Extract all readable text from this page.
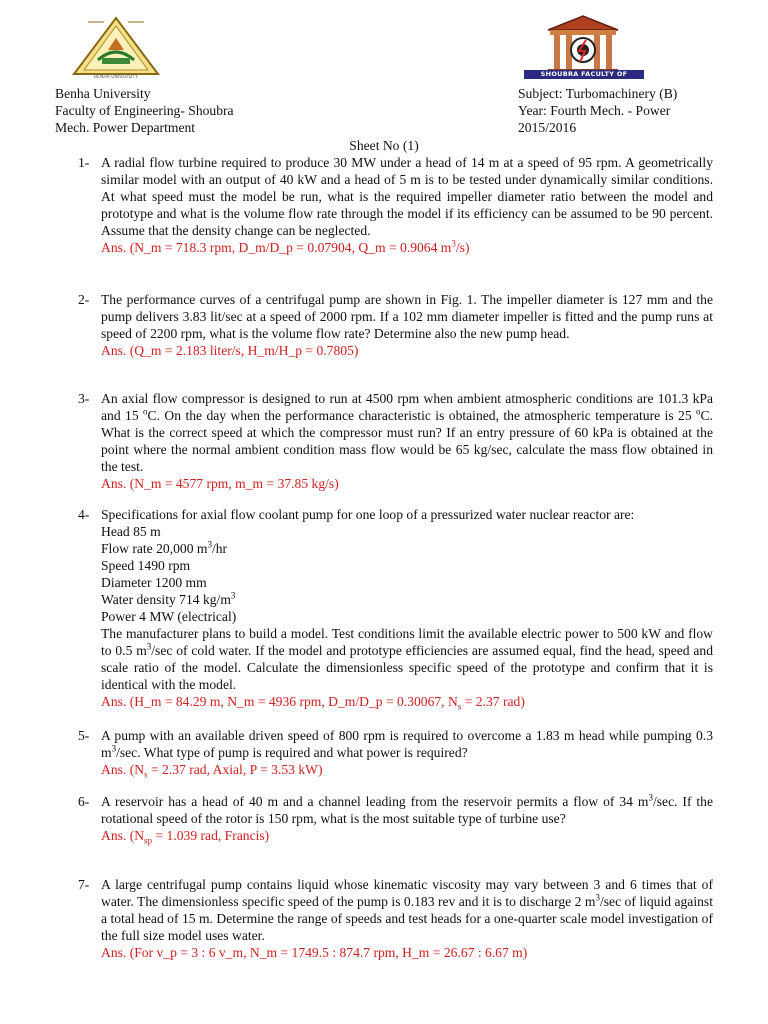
BENHA UNIVERSITY	SHOUBRA FACULTY OF ENGINEERING
Benha University
Faculty of Engineering- Shoubra
Mech. Power Department
Subject: Turbomachinery (B)
Year: Fourth Mech. - Power
2015/2016
Sheet No (1)
1- A radial flow turbine required to produce 30 MW under a head of 14 m at a speed of 95 rpm. A geometrically similar model with an output of 40 kW and a head of 5 m is to be tested under dynamically similar conditions. At what speed must the model be run, what is the required impeller diameter ratio between the model and prototype and what is the volume flow rate through the model if its efficiency can be assumed to be 90 percent. Assume that the density change can be neglected.

Ans. (N_m = 718.3 rpm, D_m/D_p = 0.07904, Q_m = 0.9064 $m^3/s$)

2- The performance curves of a centrifugal pump are shown in Fig. 1. The impeller diameter is 127 mm and the pump delivers 3.83 lit/sec at a speed of 2000 rpm. If a 102 mm diameter impeller is fitted and the pump runs at speed of 2200 rpm, what is the volume flow rate? Determine also the new pump head.

Ans. (Q_m = 2.183 liter/s, H_m/H_p = 0.7805)

3- An axial flow compressor is designed to run at 4500 rpm when ambient atmospheric conditions are 101.3 kPa and 15 $^o$C. On the day when the performance characteristic is obtained, the atmospheric temperature is 25 $^o$C. What is the correct speed at which the compressor must run? If an entry pressure of 60 kPa is obtained at the point where the normal ambient condition mass flow would be 65 kg/sec, calculate the mass flow obtained in the test.

Ans. (N_m = 4577 rpm, m_m = 37.85 kg/s)

4- Specifications for axial flow coolant pump for one loop of a pressurized water nuclear reactor are:

Head 85 m

Flow rate 20,000 $m^3/hr$

Speed 1490 rpm

Diameter 1200 mm

Water density 714 $kg/m^3$

Power 4 MW (electrical)

The manufacturer plans to build a model. Test conditions limit the available electric power to 500 kW and flow to 0.5 $m^3/\sec$ of cold water. If the model and prototype efficiencies are assumed equal, find the head, speed and scale ratio of the model. Calculate the dimensionless specific speed of the prototype and confirm that it is identical with the model.

Ans. (H_m = 84.29 m, N_m = 4936 rpm, D_m/D_p = 0.30067, $N_s = 2.37$ rad)

5- A pump with an available driven speed of 800 rpm is required to overcome a 1.83 m head while pumping 0.3 $m^3/\sec$. What type of pump is required and what power is required?

Ans. ($N_s = 2.37$ rad, Axial, P = 3.53 kW)

6- A reservoir has a head of 40 m and a channel leading from the reservoir permits a flow of 34 $m^3/\sec$. If the rotational speed of the rotor is 150 rpm, what is the most suitable type of turbine use?

Ans. ($N_{sp} = 1.039$ rad, Francis)

7- A large centrifugal pump contains liquid whose kinematic viscosity may vary between 3 and 6 times that of water. The dimensionless specific speed of the pump is 0.183 rev and it is to discharge 2 $m^3/\sec$ of liquid against a total head of 15 m. Determine the range of speeds and test heads for a one-quarter scale model investigation of the full size model uses water.

Ans. (For v_p = 3 : 6 v_m, N_m = 1749.5 : 874.7 rpm, H_m = 26.67 : 6.67 m)
